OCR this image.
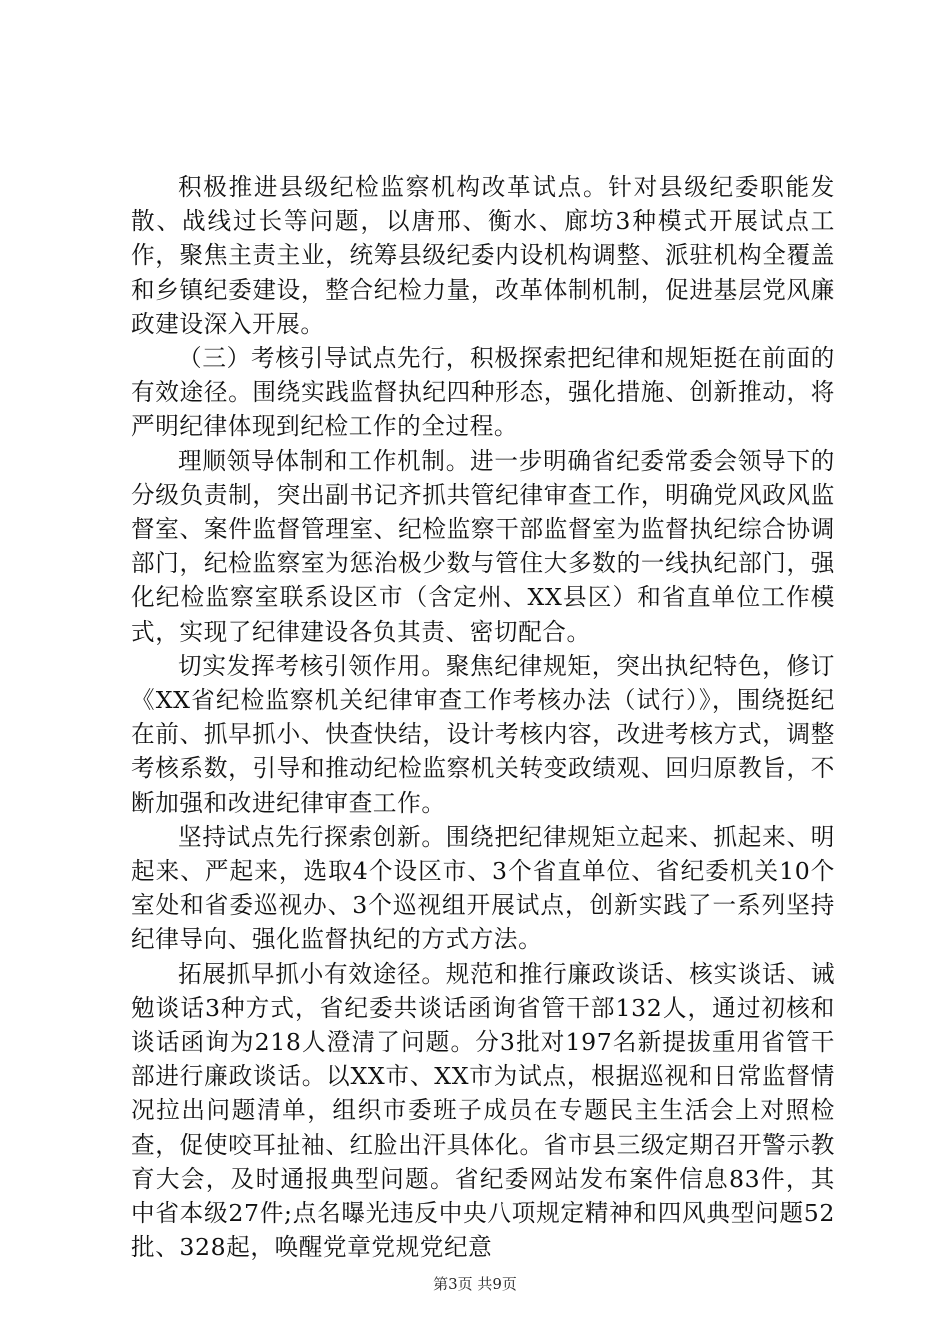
积极推进县级纪检监察机构改革试点。针对县级纪委职能发散、战线过长等问题，以唐邢、衡水、廊坊3种模式开展试点工作，聚焦主责主业，统筹县级纪委内设机构调整、派驻机构全覆盖和乡镇纪委建设，整合纪检力量，改革体制机制，促进基层党风廉政建设深入开展。

（三）考核引导试点先行，积极探索把纪律和规矩挺在前面的有效途径。围绕实践监督执纪四种形态，强化措施、创新推动，将严明纪律体现到纪检工作的全过程。

理顺领导体制和工作机制。进一步明确省纪委常委会领导下的分级负责制，突出副书记齐抓共管纪律审查工作，明确党风政风监督室、案件监督管理室、纪检监察干部监督室为监督执纪综合协调部门，纪检监察室为惩治极少数与管住大多数的一线执纪部门，强化纪检监察室联系设区市（含定州、XX县区）和省直单位工作模式，实现了纪律建设各负其责、密切配合。

切实发挥考核引领作用。聚焦纪律规矩，突出执纪特色，修订《XX省纪检监察机关纪律审查工作考核办法（试行）》，围绕挺纪在前、抓早抓小、快查快结，设计考核内容，改进考核方式，调整考核系数，引导和推动纪检监察机关转变政绩观、回归原教旨，不断加强和改进纪律审查工作。

坚持试点先行探索创新。围绕把纪律规矩立起来、抓起来、明起来、严起来，选取4个设区市、3个省直单位、省纪委机关10个室处和省委巡视办、3个巡视组开展试点，创新实践了一系列坚持纪律导向、强化监督执纪的方式方法。

拓展抓早抓小有效途径。规范和推行廉政谈话、核实谈话、诫勉谈话3种方式，省纪委共谈话函询省管干部132人，通过初核和谈话函询为218人澄清了问题。分3批对197名新提拔重用省管干部进行廉政谈话。以XX市、XX市为试点，根据巡视和日常监督情况拉出问题清单，组织市委班子成员在专题民主生活会上对照检查，促使咬耳扯袖、红脸出汗具体化。省市县三级定期召开警示教育大会，及时通报典型问题。省纪委网站发布案件信息83件，其中省本级27件;点名曝光违反中央八项规定精神和四风典型问题52批、328起，唤醒党章党规党纪意

第3页 共9页
